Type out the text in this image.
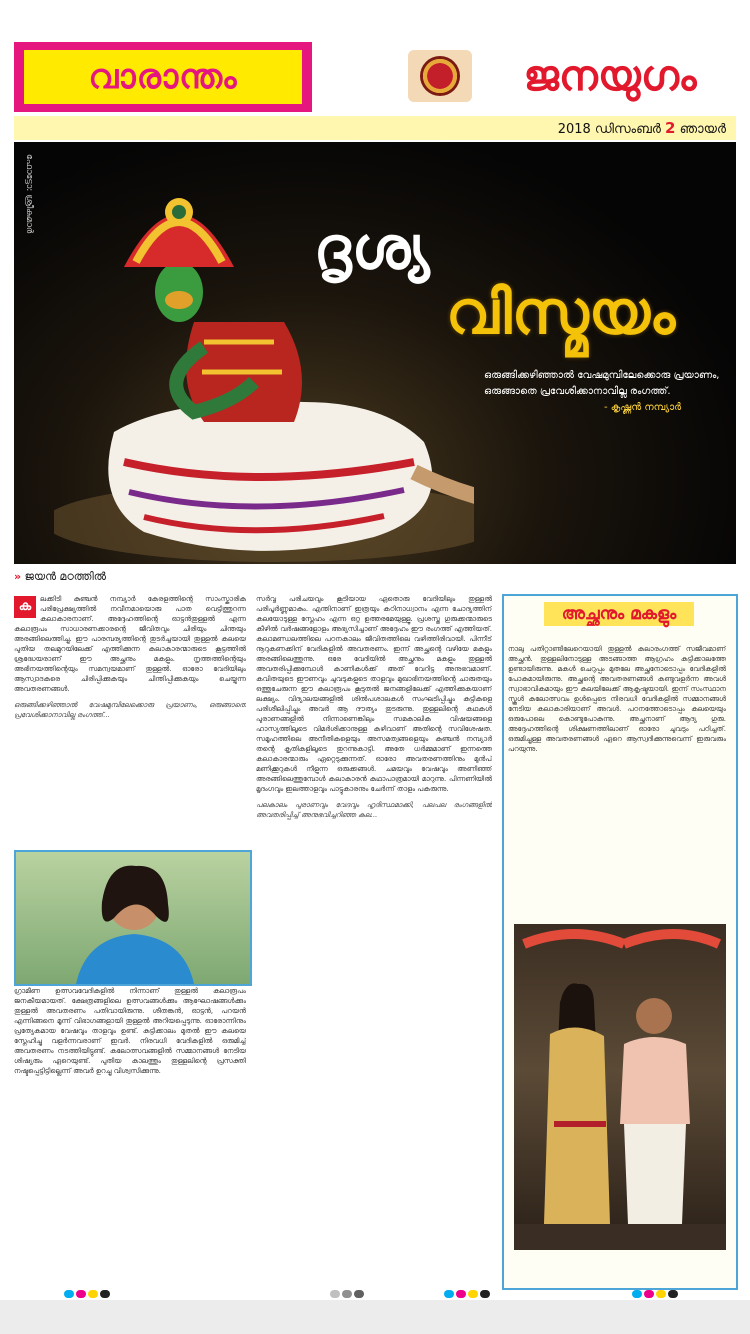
വാരാന്തം	ജനയുഗം
2018 ഡിസംബർ 2 ഞായർ
ഫോട്ടോ: ശ്രീകുമാർ
ദൃശ്യ
വിസ്മയം
ഒരുങ്ങിക്കഴിഞ്ഞാൽ വേഷമുമ്പിലേക്കൊരു പ്രയാണം,
ഒരുങ്ങാതെ പ്രവേശിക്കാനാവില്ല രംഗത്ത്.

- കൃഷ്ണൻ നമ്പ്യാർ
» ജയൻ മഠത്തിൽ
ക	ലക്കിടി കുഞ്ചൻ നമ്പ്യാർ കേരളത്തിന്റെ സാംസ്കാരിക പരിപ്രേക്ഷ്യത്തിൽ നവീനമായൊരു പാത വെട്ടിത്തുറന്ന കലാകാരനാണ്. അദ്ദേഹത്തിന്റെ ഓട്ടൻതുള്ളൽ എന്ന കലാരൂപം സാധാരണക്കാരന്റെ ജീവിതവും ചിരിയും ചിന്തയും അരങ്ങിലെത്തിച്ചു. ഈ പാരമ്പര്യത്തിന്റെ തുടർച്ചയായി തുള്ളൽ കലയെ പുതിയ തലമുറയിലേക്ക് എത്തിക്കുന്ന കലാകാരന്മാരുടെ കൂട്ടത്തിൽ ശ്രദ്ധേയരാണ് ഈ അച്ഛനും മകളും. നൃത്തത്തിന്റെയും അഭിനയത്തിന്റെയും സമന്വയമാണ് തുള്ളൽ. ഓരോ വേദിയിലും ആസ്വാദകരെ ചിരിപ്പിക്കുകയും ചിന്തിപ്പിക്കുകയും ചെയ്യുന്ന അവതരണങ്ങൾ.
ഒരുങ്ങിക്കഴിഞ്ഞാൽ വേഷമുമ്പിലേക്കൊരു പ്രയാണം, ഒരുങ്ങാതെ പ്രവേശിക്കാനാവില്ല രംഗത്ത്...
ഗ്രാമീണ ഉത്സവവേദികളിൽ നിന്നാണ് തുള്ളൽ കലാരൂപം ജനകീയമായത്. ക്ഷേത്രങ്ങളിലെ ഉത്സവങ്ങൾക്കും ആഘോഷങ്ങൾക്കും തുള്ളൽ അവതരണം പതിവായിരുന്നു. ശീതങ്കൻ, ഓട്ടൻ, പറയൻ എന്നിങ്ങനെ മൂന്ന് വിഭാഗങ്ങളായി തുള്ളൽ അറിയപ്പെടുന്നു. ഓരോന്നിനും പ്രത്യേകമായ വേഷവും താളവും ഉണ്ട്. കുട്ടിക്കാലം മുതൽ ഈ കലയെ സ്നേഹിച്ചു വളർന്നവരാണ് ഇവർ. നിരവധി വേദികളിൽ ഒരുമിച്ച് അവതരണം നടത്തിയിട്ടുണ്ട്. കലോത്സവങ്ങളിൽ സമ്മാനങ്ങൾ നേടിയ ശിഷ്യരും ഏറെയുണ്ട്. പുതിയ കാലത്തും തുള്ളലിന്റെ പ്രസക്തി നഷ്ടപ്പെട്ടിട്ടില്ലെന്ന് അവർ ഉറച്ചു വിശ്വസിക്കുന്നു.
സർവ്വ പരിചയവും കൂടിയായ ഏതൊരു വേദിയിലും തുള്ളൽ പരിപൂർണ്ണമാകും. എന്തിനാണ് ഇത്രയും കഠിനാധ്വാനം എന്ന ചോദ്യത്തിന് കലയോടുള്ള സ്നേഹം എന്ന ഒറ്റ ഉത്തരമേയുള്ളൂ. പ്രശസ്ത ഗുരുക്കന്മാരുടെ കീഴിൽ വർഷങ്ങളോളം അഭ്യസിച്ചാണ് അദ്ദേഹം ഈ രംഗത്ത് എത്തിയത്. കലാമണ്ഡലത്തിലെ പഠനകാലം ജീവിതത്തിലെ വഴിത്തിരിവായി. പിന്നീട് നൂറുകണക്കിന് വേദികളിൽ അവതരണം. ഇന്ന് അച്ഛന്റെ വഴിയേ മകളും അരങ്ങിലെത്തുന്നു. ഒരേ വേദിയിൽ അച്ഛനും മകളും തുള്ളൽ അവതരിപ്പിക്കുമ്പോൾ കാണികൾക്ക് അത് വേറിട്ട അനുഭവമാണ്. കവിതയുടെ ഈണവും ചുവടുകളുടെ താളവും മുഖാഭിനയത്തിന്റെ ചാരുതയും ഒത്തുചേരുന്ന ഈ കലാരൂപം കൂടുതൽ ജനങ്ങളിലേക്ക് എത്തിക്കുകയാണ് ലക്ഷ്യം. വിദ്യാലയങ്ങളിൽ ശിൽപശാലകൾ സംഘടിപ്പിച്ചും കുട്ടികളെ പരിശീലിപ്പിച്ചും അവർ ആ ദൗത്യം തുടരുന്നു. തുള്ളലിന്റെ കഥകൾ പുരാണങ്ങളിൽ നിന്നാണെങ്കിലും സമകാലിക വിഷയങ്ങളെ ഹാസ്യത്തിലൂടെ വിമർശിക്കാനുള്ള കഴിവാണ് അതിന്റെ സവിശേഷത. സമൂഹത്തിലെ അനീതികളെയും അസമത്വങ്ങളെയും കുഞ്ചൻ നമ്പ്യാർ തന്റെ കൃതികളിലൂടെ തുറന്നുകാട്ടി. അതേ ധർമ്മമാണ് ഇന്നത്തെ കലാകാരന്മാരും ഏറ്റെടുക്കുന്നത്. ഓരോ അവതരണത്തിനും മുൻപ് മണിക്കൂറുകൾ നീളുന്ന ഒരുക്കങ്ങൾ. ചമയവും വേഷവും അണിഞ്ഞ് അരങ്ങിലെത്തുമ്പോൾ കലാകാരൻ കഥാപാത്രമായി മാറുന്നു. പിന്നണിയിൽ മൃദംഗവും ഇലത്താളവും പാട്ടുകാരനും ചേർന്ന് താളം പകരുന്നു.
പലകാലം പുരാണവും വേദവും ഹൃദിസ്ഥമാക്കി, പലപല രംഗങ്ങളിൽ അവതരിപ്പിച്ച് അനുഭവിച്ചറിഞ്ഞ കല...
അച്ഛനും മകളും
നാലു പതിറ്റാണ്ടിലേറെയായി തുള്ളൽ കലാരംഗത്ത് സജീവമാണ് അച്ഛൻ. തുള്ളലിനോടുള്ള അടങ്ങാത്ത ആഗ്രഹം കുട്ടിക്കാലത്തേ ഉണ്ടായിരുന്നു. മകൾ ചെറുപ്പം മുതലേ അച്ഛനോടൊപ്പം വേദികളിൽ പോകുമായിരുന്നു. അച്ഛന്റെ അവതരണങ്ങൾ കണ്ടുവളർന്ന അവൾ സ്വാഭാവികമായും ഈ കലയിലേക്ക് ആകൃഷ്ടയായി. ഇന്ന് സംസ്ഥാന സ്കൂൾ കലോത്സവം ഉൾപ്പെടെ നിരവധി വേദികളിൽ സമ്മാനങ്ങൾ നേടിയ കലാകാരിയാണ് അവൾ. പഠനത്തോടൊപ്പം കലയെയും ഒരുപോലെ കൊണ്ടുപോകുന്നു. അച്ഛനാണ് ആദ്യ ഗുരു. അദ്ദേഹത്തിന്റെ ശിക്ഷണത്തിലാണ് ഓരോ ചുവടും പഠിച്ചത്. ഒരുമിച്ചുള്ള അവതരണങ്ങൾ ഏറെ ആസ്വദിക്കുന്നുവെന്ന് ഇരുവരും പറയുന്നു.
